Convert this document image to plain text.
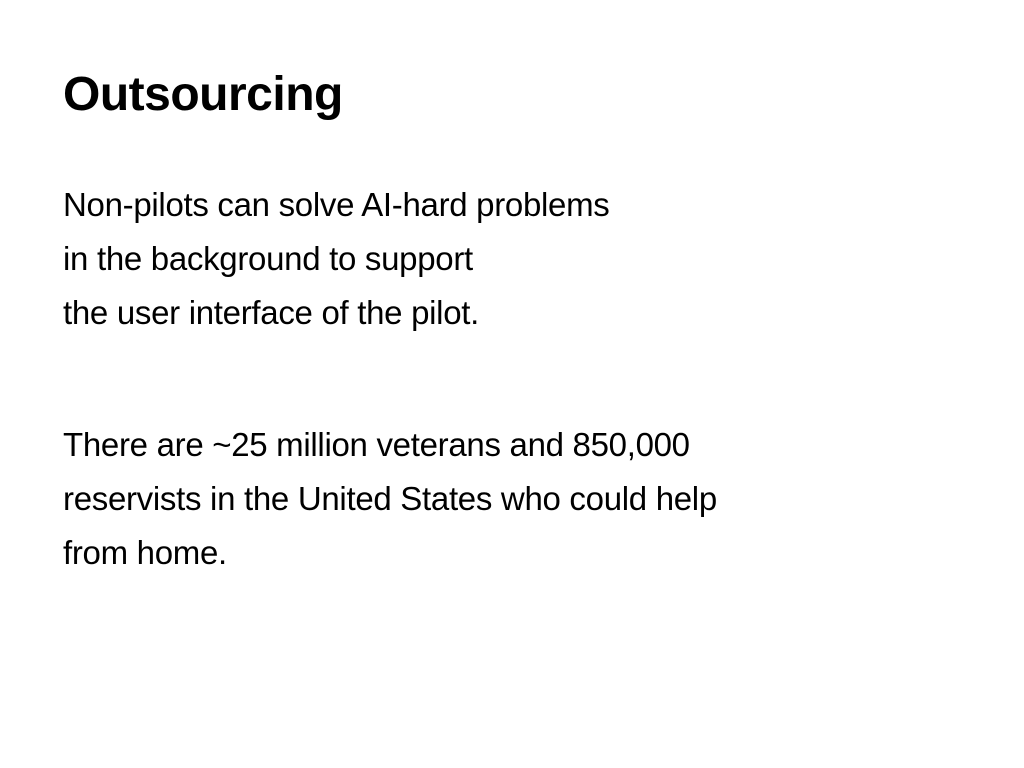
Outsourcing

Non-pilots can solve AI-hard problems
in the background to support
the user interface of the pilot.

There are ~25 million veterans and 850,000
reservists in the United States who could help
from home.
